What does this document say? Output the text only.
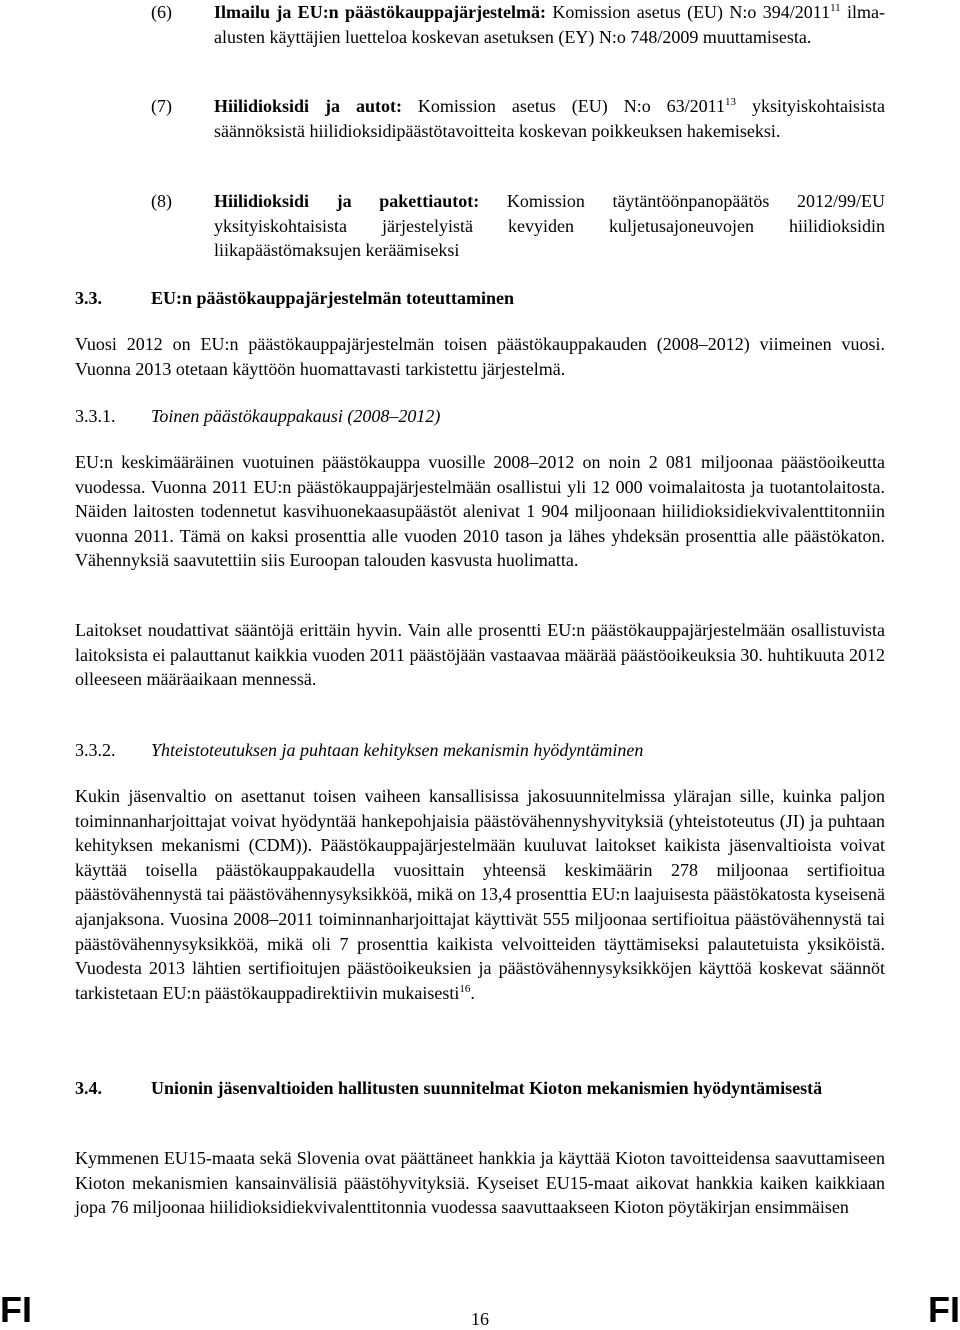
(6) Ilmailu ja EU:n päästökauppajärjestelmä: Komission asetus (EU) N:o 394/2011$^{11}$ ilma-alusten käyttäjien luetteloa koskevan asetuksen (EY) N:o 748/2009 muuttamisesta.
(7) Hiilidioksidi ja autot: Komission asetus (EU) N:o 63/2011$^{13}$ yksityiskohtaisista säännöksistä hiilidioksidipäästötavoitteita koskevan poikkeuksen hakemiseksi.
(8) Hiilidioksidi ja pakettiautot: Komission täytäntöönpanopäätös 2012/99/EU yksityiskohtaisista järjestelyistä kevyiden kuljetusajoneuvojen hiilidioksidin liikapäästömaksujen keräämiseksi
3.3.	EU:n päästökauppajärjestelmän toteuttaminen
Vuosi 2012 on EU:n päästökauppajärjestelmän toisen päästökauppakauden (2008–2012) viimeinen vuosi. Vuonna 2013 otetaan käyttöön huomattavasti tarkistettu järjestelmä.
3.3.1. Toinen päästökauppakausi (2008–2012)
EU:n keskimääräinen vuotuinen päästökauppa vuosille 2008–2012 on noin 2 081 miljoonaa päästöoikeutta vuodessa. Vuonna 2011 EU:n päästökauppajärjestelmään osallistui yli 12 000 voimalaitosta ja tuotantolaitosta. Näiden laitosten todennetut kasvihuonekaasupäästöt alenivat 1 904 miljoonaan hiilidioksidiekvivalenttitonniin vuonna 2011. Tämä on kaksi prosenttia alle vuoden 2010 tason ja lähes yhdeksän prosenttia alle päästökaton. Vähennyksiä saavutettiin siis Euroopan talouden kasvusta huolimatta.
Laitokset noudattivat sääntöjä erittäin hyvin. Vain alle prosentti EU:n päästökauppajärjestelmään osallistuvista laitoksista ei palauttanut kaikkia vuoden 2011 päästöjään vastaavaa määrää päästöoikeuksia 30. huhtikuuta 2012 olleeseen määräaikaan mennessä.
3.3.2. Yhteistoteutuksen ja puhtaan kehityksen mekanismin hyödyntäminen
Kukin jäsenvaltio on asettanut toisen vaiheen kansallisissa jakosuunnitelmissa ylärajan sille, kuinka paljon toiminnanharjoittajat voivat hyödyntää hankepohjaisia päästövähennyshyvityksiä (yhteistoteutus (JI) ja puhtaan kehityksen mekanismi (CDM)). Päästökauppajärjestelmään kuuluvat laitokset kaikista jäsenvaltioista voivat käyttää toisella päästökauppakaudella vuosittain yhteensä keskimäärin 278 miljoonaa sertifioitua päästövähennystä tai päästövähennysyksikköä, mikä on 13,4 prosenttia EU:n laajuisesta päästökatosta kyseisenä ajanjaksona. Vuosina 2008–2011 toiminnanharjoittajat käyttivät 555 miljoonaa sertifioitua päästövähennystä tai päästövähennysyksikköä, mikä oli 7 prosenttia kaikista velvoitteiden täyttämiseksi palautetuista yksiköistä. Vuodesta 2013 lähtien sertifioitujen päästöoikeuksien ja päästövähennysyksikköjen käyttöä koskevat säännöt tarkistetaan EU:n päästökauppadirektiivin mukaisesti$^{16}$.
3.4.	Unionin jäsenvaltioiden hallitusten suunnitelmat Kioton mekanismien hyödyntämisestä
Kymmenen EU15-maata sekä Slovenia ovat päättäneet hankkia ja käyttää Kioton tavoitteidensa saavuttamiseen Kioton mekanismien kansainvälisiä päästöhyvityksiä. Kyseiset EU15-maat aikovat hankkia kaiken kaikkiaan jopa 76 miljoonaa hiilidioksidiekvivalenttitonnia vuodessa saavuttaakseen Kioton pöytäkirjan ensimmäisen
FI	16	FI
